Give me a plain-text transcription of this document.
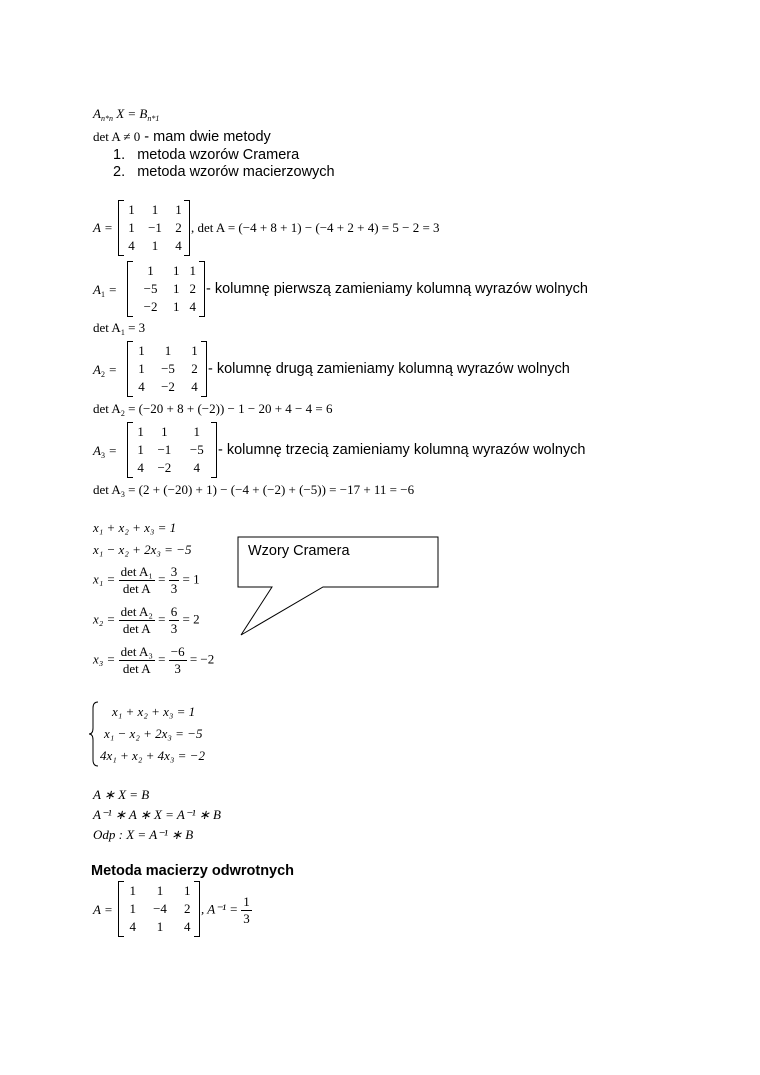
$A_{n*n}$ $X = B_{n*1}$
det A ≠ 0 - mam dwie metody
1. metoda wzorów Cramera
2. metoda wzorów macierzowych
A =
1	1	1
1	−1	2
4	1	4
, det A = (−4 + 8 + 1) − (−4 + 2 + 4) = 5 − 2 = 3
$A_1$ =
1	1	1
−5	1	2
−2	1	4
- kolumnę pierwszą zamieniamy kolumną wyrazów wolnych
$\det A_1 = 3$
$A_2$ =
1	1	1
1	−5	2
4	−2	4
- kolumnę drugą zamieniamy kolumną wyrazów wolnych
$\det A_2 = (-20 + 8 + (-2)) - 1 - 20 + 4 - 4 = 6$
$A_3$ =
1	1	1
1	−1	−5
4	−2	4
- kolumnę trzecią zamieniamy kolumną wyrazów wolnych
$\det A_3 = (2 + (-20) + 1) - (-4 + (-2) + (-5)) = -17 + 11 = -6$
x₁ + x₂ + x₃ = 1
x₁ − x₂ + 2x₃ = −5
$x_1 = \frac{\text{det A₁}}{\text{det A}} = \frac{3}{3} = 1$
$x_2 = \frac{\text{det A₂}}{\text{det A}} = \frac{6}{3} = 2$
$x_3 = \frac{\text{det A₃}}{\text{det A}} = \frac{-6}{3} = -2$
Wzory Cramera
x₁ + x₂ + x₃ = 1
x₁ − x₂ + 2x₃ = −5
4x₁ + x₂ + 4x₃ = −2
A ∗ X = B
A⁻¹ ∗ A ∗ X = A⁻¹ ∗ B
Odp : X = A⁻¹ ∗ B
Metoda macierzy odwrotnych
A =
1	1	1
1	−4	2
4	1	4
, $A^{-1} = \frac{1}{3}$
